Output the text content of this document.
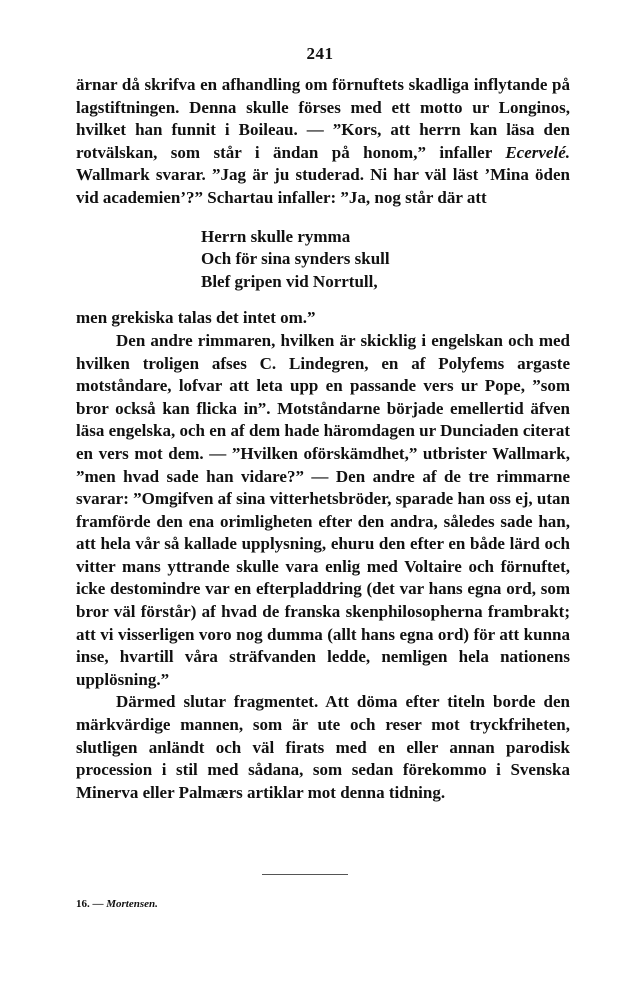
241

ärnar då skrifva en afhandling om förnuftets skadliga inflytande på lagstiftningen. Denna skulle förses med ett motto ur Longinos, hvilket han funnit i Boileau. — ”Kors, att herrn kan läsa den rotvälskan, som står i ändan på honom,” infaller Ecervelé. Wallmark svarar. ”Jag är ju studerad. Ni har väl läst ’Mina öden vid academien’?” Schartau infaller: ”Ja, nog står där att

Herrn skulle rymma
Och för sina synders skull
Blef gripen vid Norrtull,

men grekiska talas det intet om.”

Den andre rimmaren, hvilken är skicklig i engelskan och med hvilken troligen afses C. Lindegren, en af Polyfems argaste motståndare, lofvar att leta upp en passande vers ur Pope, ”som bror också kan flicka in”. Motståndarne började emellertid äfven läsa engelska, och en af dem hade häromdagen ur Dunciaden citerat en vers mot dem. — ”Hvilken oförskämdhet,” utbrister Wallmark, ”men hvad sade han vidare?” — Den andre af de tre rimmarne svarar: ”Omgifven af sina vitterhetsbröder, sparade han oss ej, utan framförde den ena orimligheten efter den andra, således sade han, att hela vår så kallade upplysning, ehuru den efter en både lärd och vitter mans yttrande skulle vara enlig med Voltaire och förnuftet, icke destomindre var en efterpladdring (det var hans egna ord, som bror väl förstår) af hvad de franska skenphilosopherna frambrakt; att vi visserligen voro nog dumma (allt hans egna ord) för att kunna inse, hvartill våra sträfvanden ledde, nemligen hela nationens upplösning.”

Därmed slutar fragmentet. Att döma efter titeln borde den märkvärdige mannen, som är ute och reser mot tryckfriheten, slutligen anländt och väl firats med en eller annan parodisk procession i stil med sådana, som sedan förekommo i Svenska Minerva eller Palmærs artiklar mot denna tidning.

16. — Mortensen.
